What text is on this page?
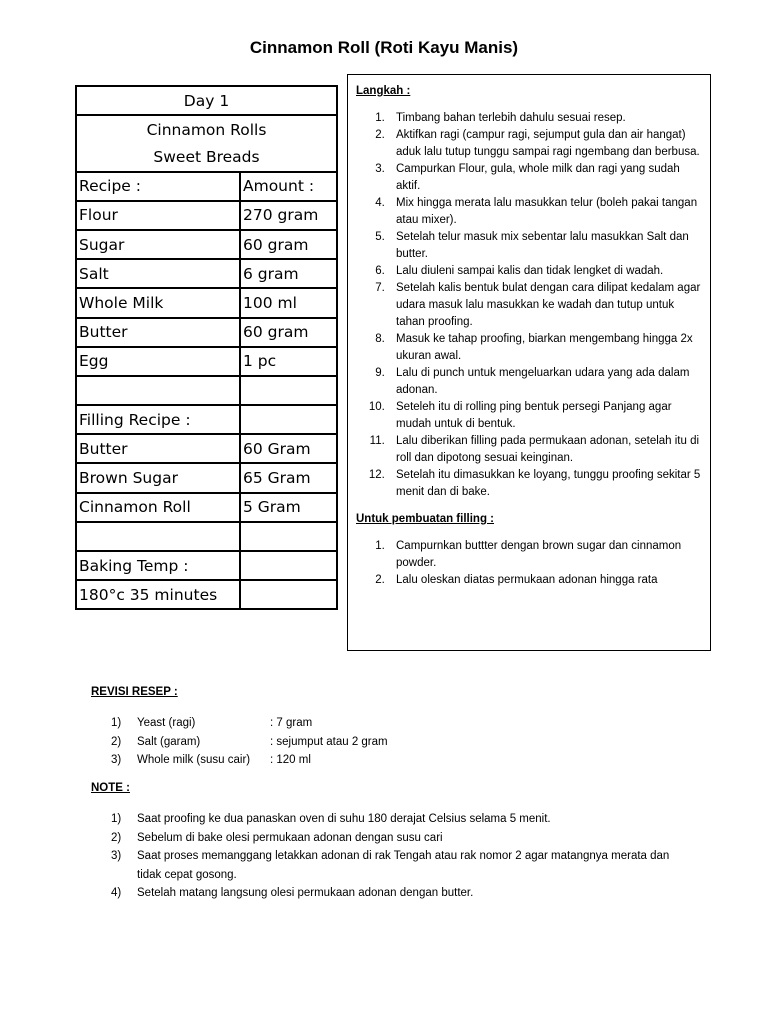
Cinnamon Roll (Roti Kayu Manis)
Day 1	
Cinnamon Rolls	
Sweet Breads	
Recipe :	Amount :
Flour	270 gram
Sugar	60 gram
Salt	6 gram
Whole Milk	100 ml
Butter	60 gram
Egg	1 pc

Filling Recipe :	
Butter	60 Gram
Brown Sugar	65 Gram
Cinnamon Roll	5 Gram

Baking Temp :	
180°c 35 minutes	
Langkah :
1. Timbang bahan terlebih dahulu sesuai resep.
2. Aktifkan ragi (campur ragi, sejumput gula dan air hangat) aduk lalu tutup tunggu sampai ragi ngembang dan berbusa.
3. Campurkan Flour, gula, whole milk dan ragi yang sudah aktif.
4. Mix hingga merata lalu masukkan telur (boleh pakai tangan atau mixer).
5. Setelah telur masuk mix sebentar lalu masukkan Salt dan butter.
6. Lalu diuleni sampai kalis dan tidak lengket di wadah.
7. Setelah kalis bentuk bulat dengan cara dilipat kedalam agar udara masuk lalu masukkan ke wadah dan tutup untuk tahan proofing.
8. Masuk ke tahap proofing, biarkan mengembang hingga 2x ukuran awal.
9. Lalu di punch untuk mengeluarkan udara yang ada dalam adonan.
10. Seteleh itu di rolling ping bentuk persegi Panjang agar mudah untuk di bentuk.
11. Lalu diberikan filling pada permukaan adonan, setelah itu di roll dan dipotong sesuai keinginan.
12. Setelah itu dimasukkan ke loyang, tunggu proofing sekitar 5 menit dan di bake.
Untuk pembuatan filling :
1. Campurnkan buttter dengan brown sugar dan cinnamon powder.
2. Lalu oleskan diatas permukaan adonan hingga rata
REVISI RESEP :
1)	Yeast (ragi)	: 7 gram
2)	Salt (garam)	: sejumput atau 2 gram
3)	Whole milk (susu cair)	: 120 ml
NOTE :
1)	Saat proofing ke dua panaskan oven di suhu 180 derajat Celsius selama 5 menit.
2)	Sebelum di bake olesi permukaan adonan dengan susu cari
3)	Saat proses memanggang letakkan adonan di rak Tengah atau rak nomor 2 agar matangnya merata dan tidak cepat gosong.
4)	Setelah matang langsung olesi permukaan adonan dengan butter.
